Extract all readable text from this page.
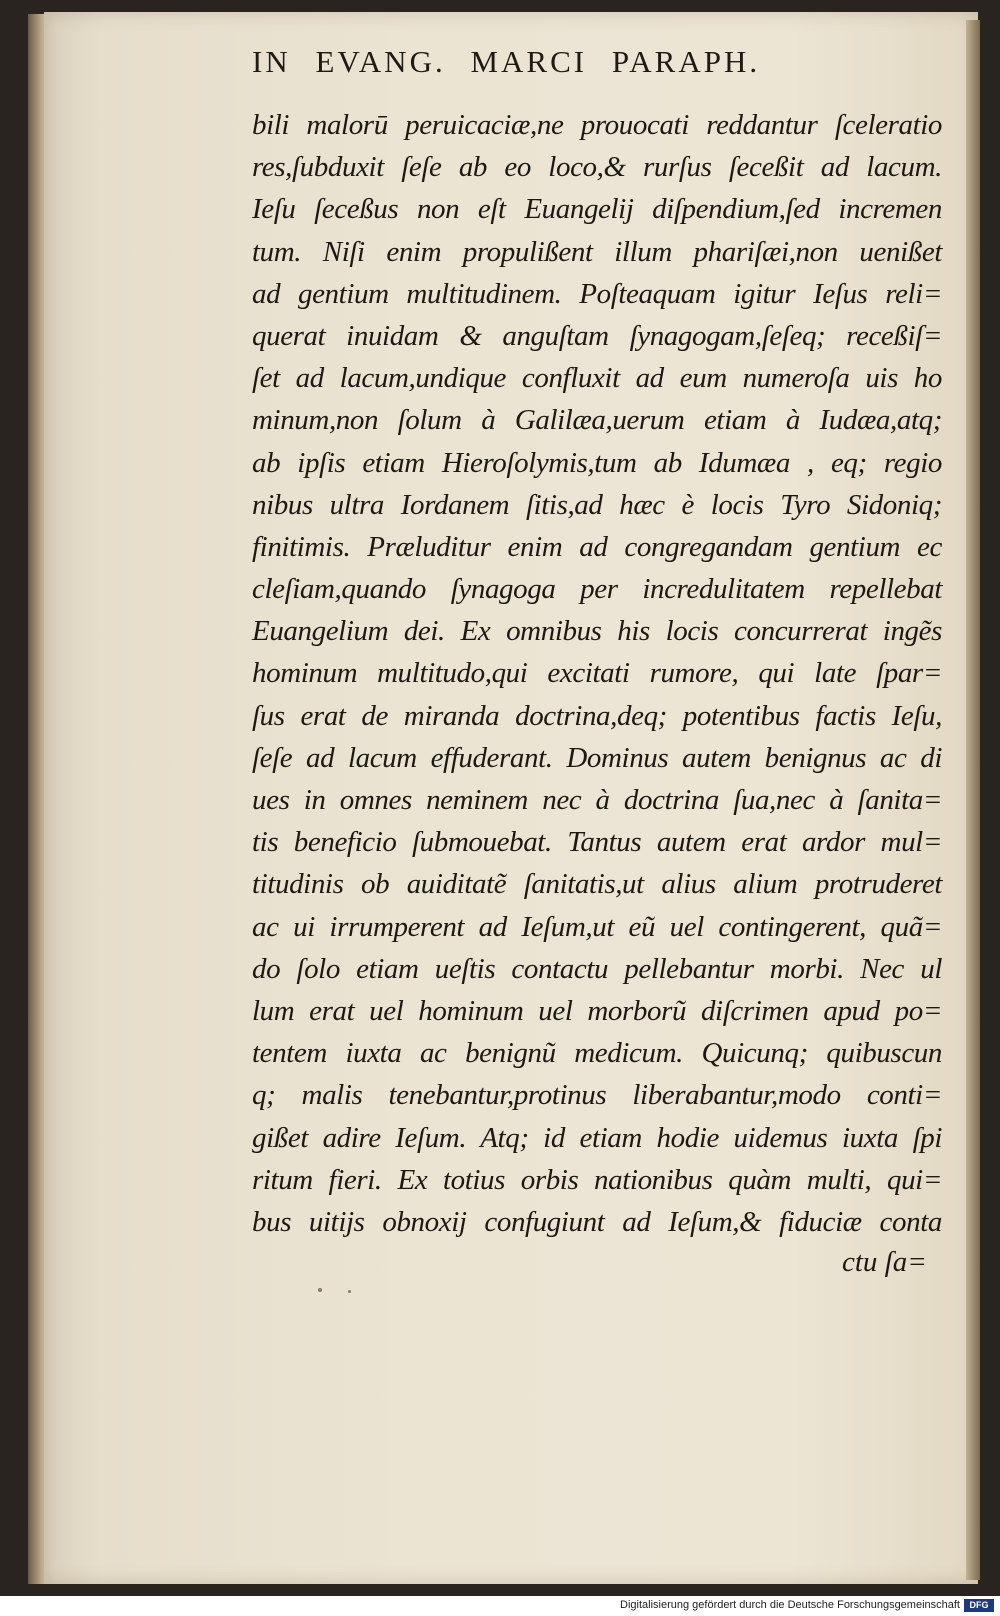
IN EVANG. MARCI PARAPH.
bili malorū peruicaciæ,ne prouocati reddantur ſceleratio
res,ſubduxit ſeſe ab eo loco,& rurſus ſeceßit ad lacum.
Ieſu ſeceßus non eſt Euangelij diſpendium,ſed incremen
tum. Niſi enim propulißent illum phariſæi,non uenißet
ad gentium multitudinem. Poſteaquam igitur Ieſus reli=
querat inuidam & anguſtam ſynagogam,ſeſeq; receßiſ=
ſet ad lacum,undique confluxit ad eum numeroſa uis ho
minum,non ſolum à Galilæa,uerum etiam à Iudæa,atq;
ab ipſis etiam Hieroſolymis,tum ab Idumæa , eq; regio
nibus ultra Iordanem ſitis,ad hæc è locis Tyro Sidoniq;
finitimis. Præluditur enim ad congregandam gentium ec
cleſiam,quando ſynagoga per incredulitatem repellebat
Euangelium dei. Ex omnibus his locis concurrerat ingẽs
hominum multitudo,qui excitati rumore, qui late ſpar=
ſus erat de miranda doctrina,deq; potentibus factis Ieſu,
ſeſe ad lacum effuderant. Dominus autem benignus ac di
ues in omnes neminem nec à doctrina ſua,nec à ſanita=
tis beneficio ſubmouebat. Tantus autem erat ardor mul=
titudinis ob auiditatẽ ſanitatis,ut alius alium protruderet
ac ui irrumperent ad Ieſum,ut eũ uel contingerent, quã=
do ſolo etiam ueſtis contactu pellebantur morbi. Nec ul
lum erat uel hominum uel morborũ diſcrimen apud po=
tentem iuxta ac benignũ medicum. Quicunq; quibuscun
q; malis tenebantur,protinus liberabantur,modo conti=
gißet adire Ieſum. Atq; id etiam hodie uidemus iuxta ſpi
ritum fieri. Ex totius orbis nationibus quàm multi, qui=
bus uitijs obnoxij confugiunt ad Ieſum,& fiduciæ conta
ctu ſa=
Digitalisierung gefördert durch die Deutsche Forschungsgemeinschaft	DFG
